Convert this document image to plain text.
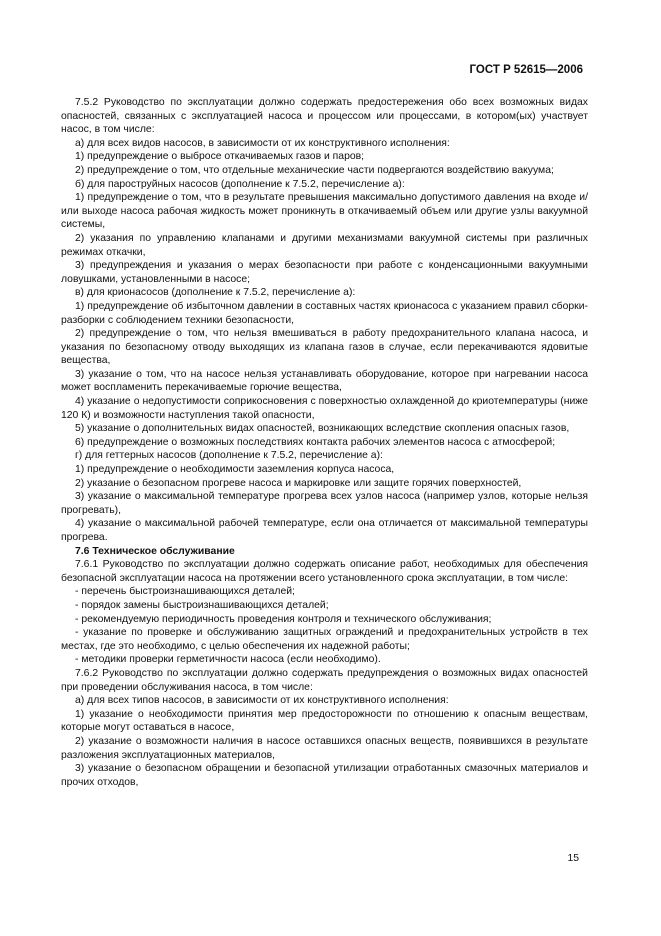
ГОСТ Р 52615—2006

7.5.2 Руководство по эксплуатации должно содержать предостережения обо всех возможных видах опасностей, связанных с эксплуатацией насоса и процессом или процессами, в котором(ых) участвует насос, в том числе:

а) для всех видов насосов, в зависимости от их конструктивного исполнения:

1) предупреждение о выбросе откачиваемых газов и паров;

2) предупреждение о том, что отдельные механические части подвергаются воздействию вакуума;

б) для пароструйных насосов (дополнение к 7.5.2, перечисление а):

1) предупреждение о том, что в результате превышения максимально допустимого давления на входе и/или выходе насоса рабочая жидкость может проникнуть в откачиваемый объем или другие узлы вакуумной системы,

2) указания по управлению клапанами и другими механизмами вакуумной системы при различных режимах откачки,

3) предупреждения и указания о мерах безопасности при работе с конденсационными вакуумными ловушками, установленными в насосе;

в) для крионасосов (дополнение к 7.5.2, перечисление а):

1) предупреждение об избыточном давлении в составных частях крионасоса с указанием правил сборки-разборки с соблюдением техники безопасности,

2) предупреждение о том, что нельзя вмешиваться в работу предохранительного клапана насоса, и указания по безопасному отводу выходящих из клапана газов в случае, если перекачиваются ядовитые вещества,

3) указание о том, что на насосе нельзя устанавливать оборудование, которое при нагревании насоса может воспламенить перекачиваемые горючие вещества,

4) указание о недопустимости соприкосновения с поверхностью охлажденной до криотемпературы (ниже 120 К) и возможности наступления такой опасности,

5) указание о дополнительных видах опасностей, возникающих вследствие скопления опасных газов,

6) предупреждение о возможных последствиях контакта рабочих элементов насоса с атмосферой;

г) для геттерных насосов (дополнение к 7.5.2, перечисление а):

1) предупреждение о необходимости заземления корпуса насоса,

2) указание о безопасном прогреве насоса и маркировке или защите горячих поверхностей,

3) указание о максимальной температуре прогрева всех узлов насоса (например узлов, которые нельзя прогревать),

4) указание о максимальной рабочей температуре, если она отличается от максимальной температуры прогрева.

7.6 Техническое обслуживание

7.6.1 Руководство по эксплуатации должно содержать описание работ, необходимых для обеспечения безопасной эксплуатации насоса на протяжении всего установленного срока эксплуатации, в том числе:

- перечень быстроизнашивающихся деталей;

- порядок замены быстроизнашивающихся деталей;

- рекомендуемую периодичность проведения контроля и технического обслуживания;

- указание по проверке и обслуживанию защитных ограждений и предохранительных устройств в тех местах, где это необходимо, с целью обеспечения их надежной работы;

- методики проверки герметичности насоса (если необходимо).

7.6.2 Руководство по эксплуатации должно содержать предупреждения о возможных видах опасностей при проведении обслуживания насоса, в том числе:

а) для всех типов насосов, в зависимости от их конструктивного исполнения:

1) указание о необходимости принятия мер предосторожности по отношению к опасным веществам, которые могут оставаться в насосе,

2) указание о возможности наличия в насосе оставшихся опасных веществ, появившихся в результате разложения эксплуатационных материалов,

3) указание о безопасном обращении и безопасной утилизации отработанных смазочных материалов и прочих отходов,

15
